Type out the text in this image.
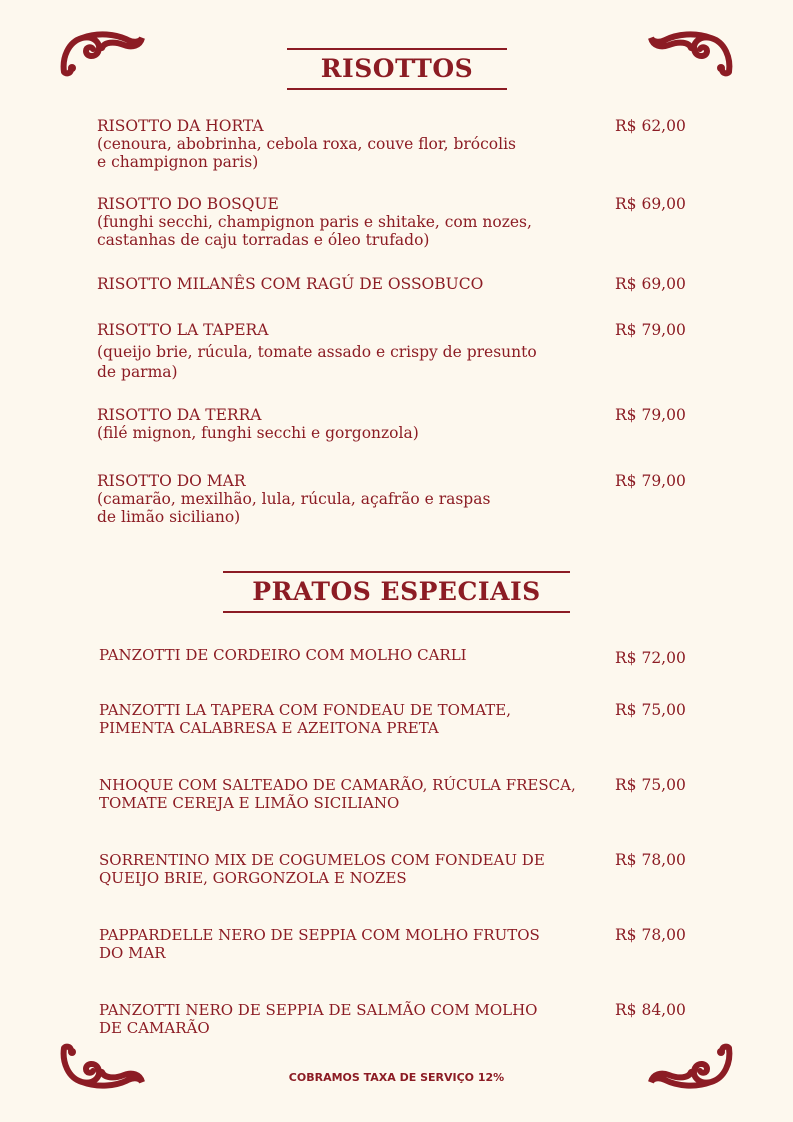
RISOTTOS
RISOTTO DA HORTA
(cenoura, abobrinha, cebola roxa, couve flor, brócolis
e champignon paris)
R$ 62,00
RISOTTO DO BOSQUE
(funghi secchi, champignon paris e shitake, com nozes,
castanhas de caju torradas e óleo trufado)
R$ 69,00
RISOTTO MILANÊS COM RAGÚ DE OSSOBUCO	R$ 69,00
RISOTTO LA TAPERA
(queijo brie, rúcula, tomate assado e crispy de presunto
de parma)
R$ 79,00
RISOTTO DA TERRA
(filé mignon, funghi secchi e gorgonzola)
R$ 79,00
RISOTTO DO MAR
(camarão, mexilhão, lula, rúcula, açafrão e raspas
de limão siciliano)
R$ 79,00
PRATOS ESPECIAIS
PANZOTTI DE CORDEIRO COM MOLHO CARLI	R$ 72,00
PANZOTTI LA TAPERA COM FONDEAU DE TOMATE,
PIMENTA CALABRESA E AZEITONA PRETA
R$ 75,00
NHOQUE COM SALTEADO DE CAMARÃO, RÚCULA FRESCA,
TOMATE CEREJA E LIMÃO SICILIANO
R$ 75,00
SORRENTINO MIX DE COGUMELOS COM FONDEAU DE
QUEIJO BRIE, GORGONZOLA E NOZES
R$ 78,00
PAPPARDELLE NERO DE SEPPIA COM MOLHO FRUTOS
DO MAR
R$ 78,00
PANZOTTI NERO DE SEPPIA DE SALMÃO COM MOLHO
DE CAMARÃO
R$ 84,00
COBRAMOS TAXA DE SERVIÇO 12%
